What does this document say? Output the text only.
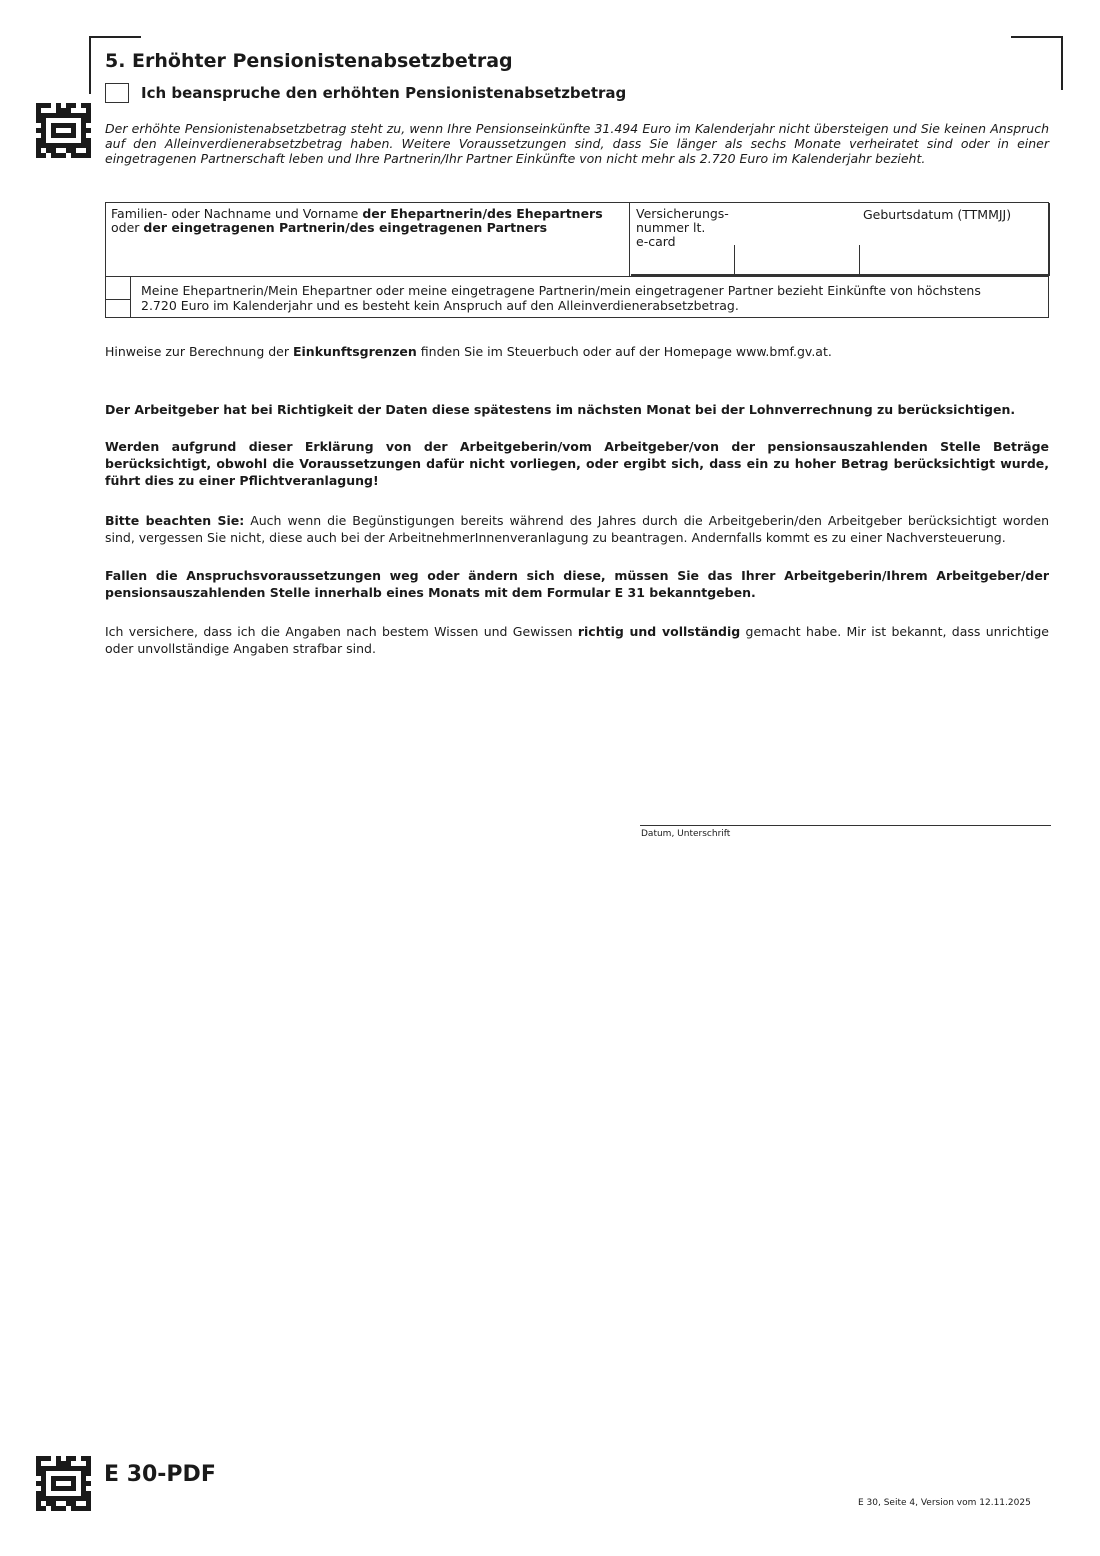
5. Erhöhter Pensionistenabsetzbetrag
Ich beanspruche den erhöhten Pensionistenabsetzbetrag
Der erhöhte Pensionistenabsetzbetrag steht zu, wenn Ihre Pensionseinkünfte 31.494 Euro im Kalenderjahr nicht übersteigen und Sie keinen Anspruch auf den Alleinverdienerabsetzbetrag haben. Weitere Voraussetzungen sind, dass Sie länger als sechs Monate verheiratet sind oder in einer eingetragenen Partnerschaft leben und Ihre Partnerin/Ihr Partner Einkünfte von nicht mehr als 2.720 Euro im Kalenderjahr bezieht.
Familien- oder Nachname und Vorname der Ehepartnerin/des Ehepartners
oder der eingetragenen Partnerin/des eingetragenen Partners
Versicherungs-
nummer lt.
e-card
Geburtsdatum (TTMMJJ)
Meine Ehepartnerin/Mein Ehepartner oder meine eingetragene Partnerin/mein eingetragener Partner bezieht Einkünfte von höchstens
2.720 Euro im Kalenderjahr und es besteht kein Anspruch auf den Alleinverdienerabsetzbetrag.
Hinweise zur Berechnung der Einkunftsgrenzen finden Sie im Steuerbuch oder auf der Homepage www.bmf.gv.at.
Der Arbeitgeber hat bei Richtigkeit der Daten diese spätestens im nächsten Monat bei der Lohnverrechnung zu berücksichtigen.
Werden aufgrund dieser Erklärung von der Arbeitgeberin/vom Arbeitgeber/von der pensionsauszahlenden Stelle Beträge berücksichtigt, obwohl die Voraussetzungen dafür nicht vorliegen, oder ergibt sich, dass ein zu hoher Betrag berücksichtigt wurde, führt dies zu einer Pflichtveranlagung!
Bitte beachten Sie: Auch wenn die Begünstigungen bereits während des Jahres durch die Arbeitgeberin/den Arbeitgeber berücksichtigt worden sind, vergessen Sie nicht, diese auch bei der ArbeitnehmerInnenveranlagung zu beantragen. Andernfalls kommt es zu einer Nachversteuerung.
Fallen die Anspruchsvoraussetzungen weg oder ändern sich diese, müssen Sie das Ihrer Arbeitgeberin/Ihrem Arbeitgeber/der pensionsauszahlenden Stelle innerhalb eines Monats mit dem Formular E 31 bekanntgeben.
Ich versichere, dass ich die Angaben nach bestem Wissen und Gewissen richtig und vollständig gemacht habe. Mir ist bekannt, dass unrichtige oder unvollständige Angaben strafbar sind.
Datum, Unterschrift
E 30-PDF
E 30, Seite 4, Version vom 12.11.2025
